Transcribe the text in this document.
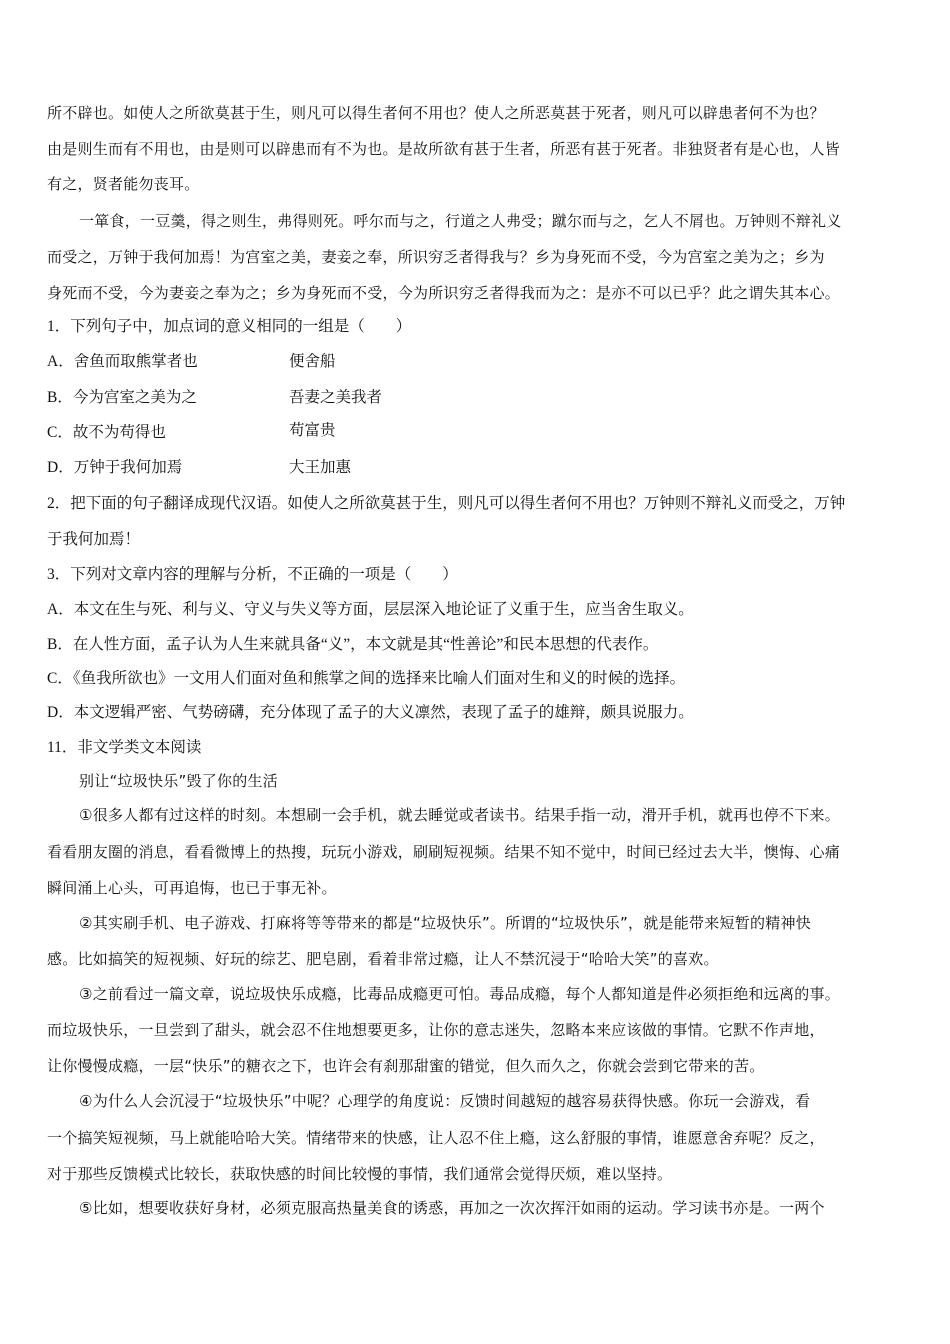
所不辟也。如使人之所欲莫甚于生，则凡可以得生者何不用也？使人之所恶莫甚于死者，则凡可以辟患者何不为也？
由是则生而有不用也，由是则可以辟患而有不为也。是故所欲有甚于生者，所恶有甚于死者。非独贤者有是心也，人皆
有之，贤者能勿丧耳。
一箪食，一豆羹，得之则生，弗得则死。呼尔而与之，行道之人弗受；蹴尔而与之，乞人不屑也。万钟则不辩礼义
而受之，万钟于我何加焉！为宫室之美，妻妾之奉，所识穷乏者得我与？乡为身死而不受，今为宫室之美为之；乡为
身死而不受，今为妻妾之奉为之；乡为身死而不受，今为所识穷乏者得我而为之：是亦不可以已乎？此之谓失其本心。
1．下列句子中，加点词的意义相同的一组是（　　）
A．舍鱼而取熊掌者也	便舍船
B．今为宫室之美为之	吾妻之美我者
C．故不为苟得也	苟富贵
D．万钟于我何加焉	大王加惠
2．把下面的句子翻译成现代汉语。如使人之所欲莫甚于生，则凡可以得生者何不用也？万钟则不辩礼义而受之，万钟
于我何加焉！
3．下列对文章内容的理解与分析，不正确的一项是（　　）
A．本文在生与死、利与义、守义与失义等方面，层层深入地论证了义重于生，应当舍生取义。
B．在人性方面，孟子认为人生来就具备“义”，本文就是其“性善论”和民本思想的代表作。
C．《鱼我所欲也》一文用人们面对鱼和熊掌之间的选择来比喻人们面对生和义的时候的选择。
D．本文逻辑严密、气势磅礴，充分体现了孟子的大义凛然，表现了孟子的雄辩，颇具说服力。
11．非文学类文本阅读
别让“垃圾快乐”毁了你的生活
①很多人都有过这样的时刻。本想刷一会手机，就去睡觉或者读书。结果手指一动，滑开手机，就再也停不下来。
看看朋友圈的消息，看看微博上的热搜，玩玩小游戏，刷刷短视频。结果不知不觉中，时间已经过去大半，懊悔、心痛
瞬间涌上心头，可再追悔，也已于事无补。
②其实刷手机、电子游戏、打麻将等等带来的都是“垃圾快乐”。所谓的“垃圾快乐”，就是能带来短暂的精神快
感。比如搞笑的短视频、好玩的综艺、肥皂剧，看着非常过瘾，让人不禁沉浸于“哈哈大笑”的喜欢。
③之前看过一篇文章，说垃圾快乐成瘾，比毒品成瘾更可怕。毒品成瘾，每个人都知道是件必须拒绝和远离的事。
而垃圾快乐，一旦尝到了甜头，就会忍不住地想要更多，让你的意志迷失，忽略本来应该做的事情。它默不作声地，
让你慢慢成瘾，一层“快乐”的糖衣之下，也许会有刹那甜蜜的错觉，但久而久之，你就会尝到它带来的苦。
④为什么人会沉浸于“垃圾快乐”中呢？心理学的角度说：反馈时间越短的越容易获得快感。你玩一会游戏，看
一个搞笑短视频，马上就能哈哈大笑。情绪带来的快感，让人忍不住上瘾，这么舒服的事情，谁愿意舍弃呢？反之，
对于那些反馈模式比较长，获取快感的时间比较慢的事情，我们通常会觉得厌烦，难以坚持。
⑤比如，想要收获好身材，必须克服高热量美食的诱惑，再加之一次次挥汗如雨的运动。学习读书亦是。一两个
